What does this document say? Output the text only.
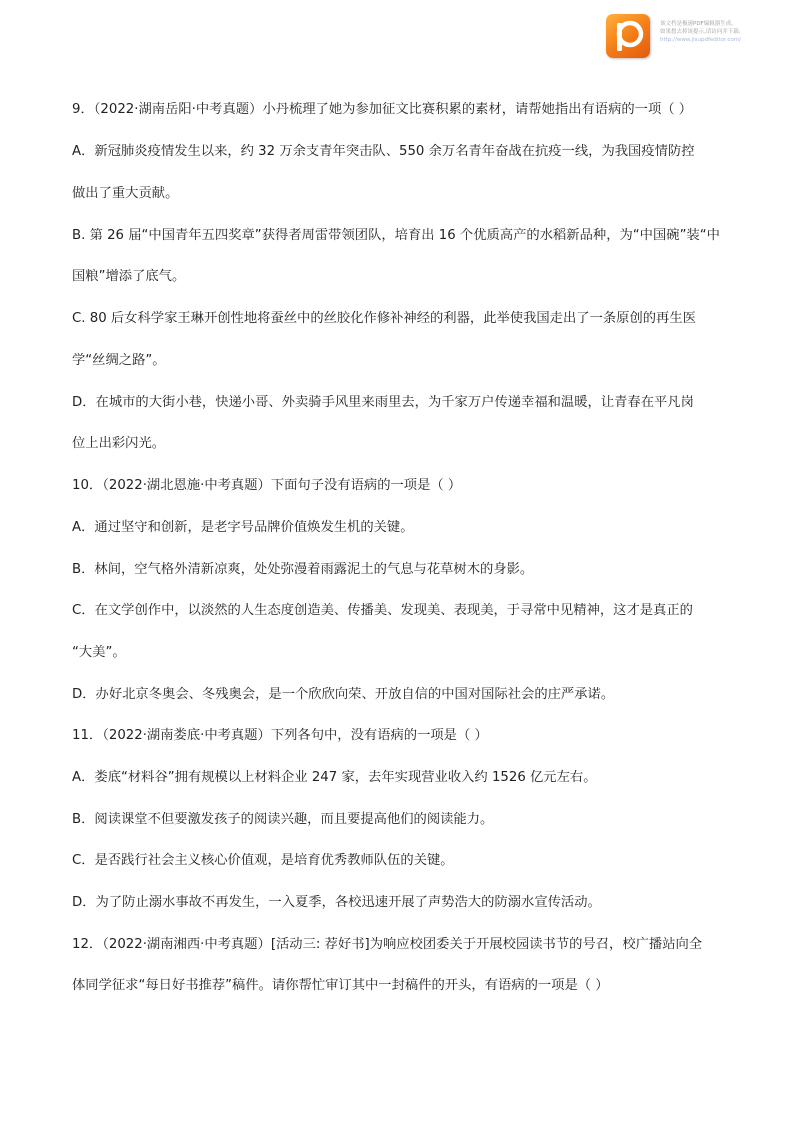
该文档是极速PDF编辑器生成,
如果想去掉该提示,请访问并下载:
http://www.jisupdfeditor.com/
9．（2022·湖南岳阳·中考真题）小丹梳理了她为参加征文比赛积累的素材，请帮她指出有语病的一项（ ）
A．新冠肺炎疫情发生以来，约 32 万余支青年突击队、550 余万名青年奋战在抗疫一线，为我国疫情防控
做出了重大贡献。
B. 第 26 届“中国青年五四奖章”获得者周雷带领团队，培育出 16 个优质高产的水稻新品种，为“中国碗”装“中
国粮”增添了底气。
C. 80 后女科学家王琳开创性地将蚕丝中的丝胶化作修补神经的利器，此举使我国走出了一条原创的再生医
学“丝绸之路”。
D．在城市的大街小巷，快递小哥、外卖骑手风里来雨里去，为千家万户传递幸福和温暖，让青春在平凡岗
位上出彩闪光。
10．（2022·湖北恩施·中考真题）下面句子没有语病的一项是（ ）
A．通过坚守和创新，是老字号品牌价值焕发生机的关键。
B．林间，空气格外清新凉爽，处处弥漫着雨露泥土的气息与花草树木的身影。
C．在文学创作中，以淡然的人生态度创造美、传播美、发现美、表现美，于寻常中见精神，这才是真正的
“大美”。
D．办好北京冬奥会、冬残奥会，是一个欣欣向荣、开放自信的中国对国际社会的庄严承诺。
11．（2022·湖南娄底·中考真题）下列各句中，没有语病的一项是（ ）
A．娄底“材料谷”拥有规模以上材料企业 247 家，去年实现营业收入约 1526 亿元左右。
B．阅读课堂不但要激发孩子的阅读兴趣，而且要提高他们的阅读能力。
C．是否践行社会主义核心价值观，是培育优秀教师队伍的关键。
D．为了防止溺水事故不再发生，一入夏季，各校迅速开展了声势浩大的防溺水宣传活动。
12．（2022·湖南湘西·中考真题）[活动三: 荐好书]为响应校团委关于开展校园读书节的号召，校广播站向全
体同学征求“每日好书推荐”稿件。请你帮忙审订其中一封稿件的开头，有语病的一项是（ ）
